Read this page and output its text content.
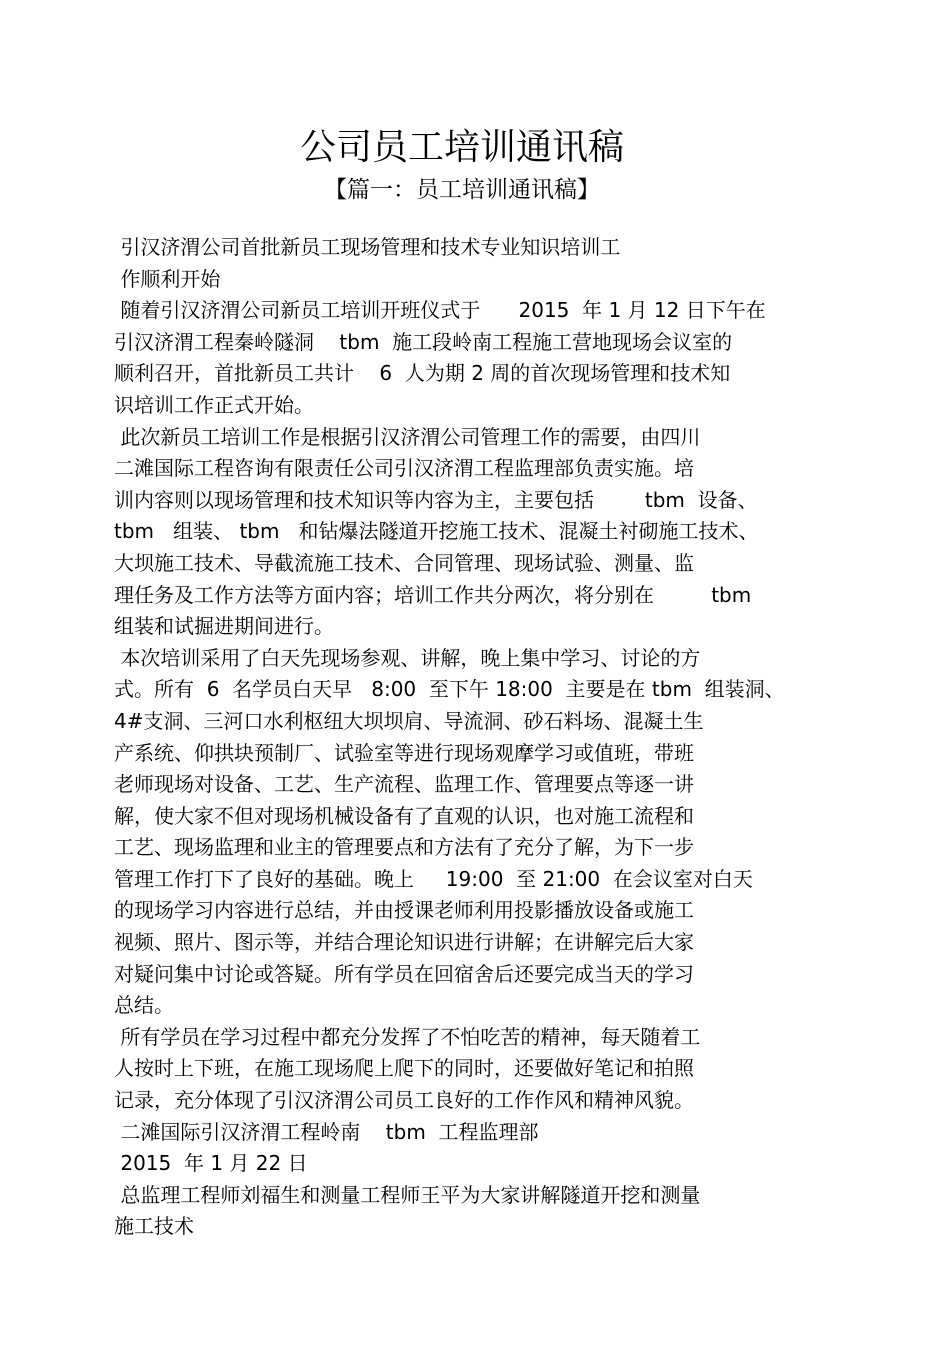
公司员工培训通讯稿
【篇一：员工培训通讯稿】
引汉济渭公司首批新员工现场管理和技术专业知识培训工
作顺利开始
随着引汉济渭公司新员工培训开班仪式于      2015  年 1 月 12 日下午在
引汉济渭工程秦岭隧洞    tbm  施工段岭南工程施工营地现场会议室的
顺利召开，首批新员工共计    6  人为期 2 周的首次现场管理和技术知
识培训工作正式开始。
此次新员工培训工作是根据引汉济渭公司管理工作的需要，由四川
二滩国际工程咨询有限责任公司引汉济渭工程监理部负责实施。培
训内容则以现场管理和技术知识等内容为主，主要包括        tbm  设备、
tbm   组装、 tbm   和钻爆法隧道开挖施工技术、混凝土衬砌施工技术、
大坝施工技术、导截流施工技术、合同管理、现场试验、测量、监
理任务及工作方法等方面内容；培训工作共分两次，将分别在         tbm
组装和试掘进期间进行。
本次培训采用了白天先现场参观、讲解，晚上集中学习、讨论的方
式。所有  6  名学员白天早   8:00  至下午 18:00  主要是在 tbm  组装洞、
4#支洞、三河口水利枢纽大坝坝肩、导流洞、砂石料场、混凝土生
产系统、仰拱块预制厂、试验室等进行现场观摩学习或值班，带班
老师现场对设备、工艺、生产流程、监理工作、管理要点等逐一讲
解，使大家不但对现场机械设备有了直观的认识，也对施工流程和
工艺、现场监理和业主的管理要点和方法有了充分了解，为下一步
管理工作打下了良好的基础。晚上     19:00  至 21:00  在会议室对白天
的现场学习内容进行总结，并由授课老师利用投影播放设备或施工
视频、照片、图示等，并结合理论知识进行讲解；在讲解完后大家
对疑问集中讨论或答疑。所有学员在回宿舍后还要完成当天的学习
总结。
所有学员在学习过程中都充分发挥了不怕吃苦的精神，每天随着工
人按时上下班，在施工现场爬上爬下的同时，还要做好笔记和拍照
记录，充分体现了引汉济渭公司员工良好的工作作风和精神风貌。
二滩国际引汉济渭工程岭南    tbm  工程监理部
2015  年 1 月 22 日
总监理工程师刘福生和测量工程师王平为大家讲解隧道开挖和测量
施工技术
